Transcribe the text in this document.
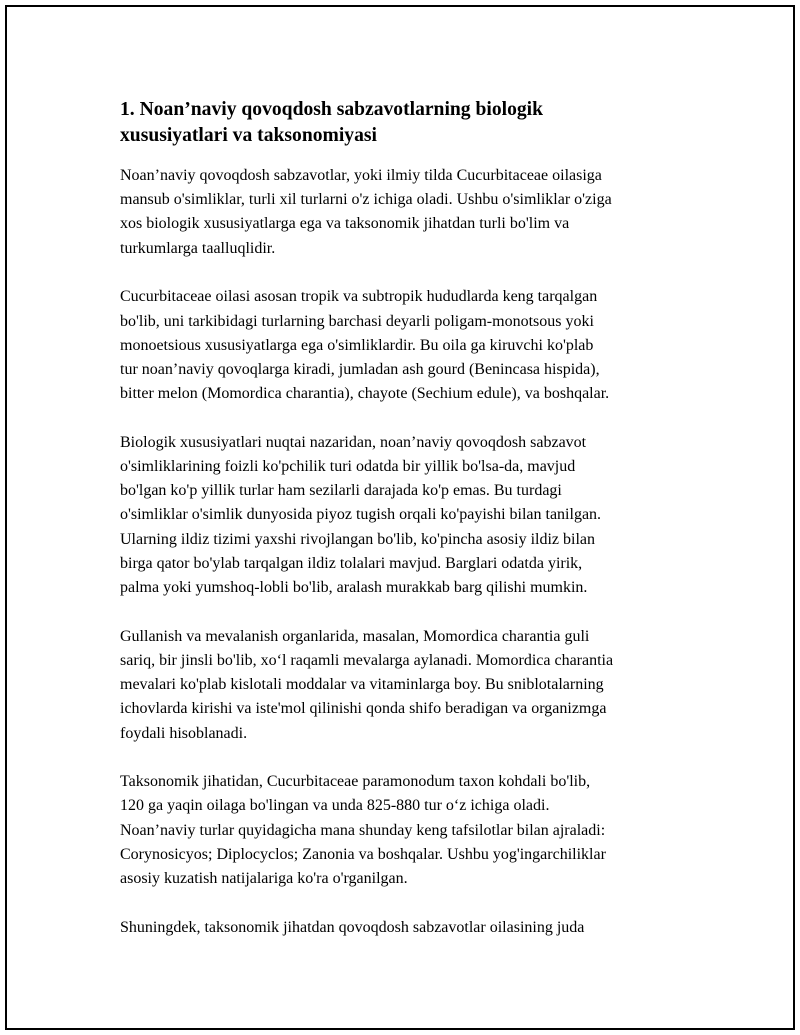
1. Noan’naviy qovoqdosh sabzavotlarning biologik
xususiyatlari va taksonomiyasi

Noan’naviy qovoqdosh sabzavotlar, yoki ilmiy tilda Cucurbitaceae oilasiga
mansub o'simliklar, turli xil turlarni o'z ichiga oladi. Ushbu o'simliklar o'ziga
xos biologik xususiyatlarga ega va taksonomik jihatdan turli bo'lim va
turkumlarga taalluqlidir.

Cucurbitaceae oilasi asosan tropik va subtropik hududlarda keng tarqalgan
bo'lib, uni tarkibidagi turlarning barchasi deyarli poligam-monotsous yoki
monoetsious xususiyatlarga ega o'simliklardir. Bu oila ga kiruvchi ko'plab
tur noan’naviy qovoqlarga kiradi, jumladan ash gourd (Benincasa hispida),
bitter melon (Momordica charantia), chayote (Sechium edule), va boshqalar.

Biologik xususiyatlari nuqtai nazaridan, noan’naviy qovoqdosh sabzavot
o'simliklarining foizli ko'pchilik turi odatda bir yillik bo'lsa-da, mavjud
bo'lgan ko'p yillik turlar ham sezilarli darajada ko'p emas. Bu turdagi
o'simliklar o'simlik dunyosida piyoz tugish orqali ko'payishi bilan tanilgan.
Ularning ildiz tizimi yaxshi rivojlangan bo'lib, ko'pincha asosiy ildiz bilan
birga qator bo'ylab tarqalgan ildiz tolalari mavjud. Barglari odatda yirik,
palma yoki yumshoq-lobli bo'lib, aralash murakkab barg qilishi mumkin.

Gullanish va mevalanish organlarida, masalan, Momordica charantia guli
sariq, bir jinsli bo'lib, xo‘l raqamli mevalarga aylanadi. Momordica charantia
mevalari ko'plab kislotali moddalar va vitaminlarga boy. Bu sniblotalarning
ichovlarda kirishi va iste'mol qilinishi qonda shifo beradigan va organizmga
foydali hisoblanadi.

Taksonomik jihatidan, Cucurbitaceae paramonodum taxon kohdali bo'lib,
120 ga yaqin oilaga bo'lingan va unda 825-880 tur o‘z ichiga oladi.
Noan’naviy turlar quyidagicha mana shunday keng tafsilotlar bilan ajraladi:
Corynosicyos; Diplocyclos; Zanonia va boshqalar. Ushbu yog'ingarchiliklar
asosiy kuzatish natijalariga ko'ra o'rganilgan.

Shuningdek, taksonomik jihatdan qovoqdosh sabzavotlar oilasining juda
